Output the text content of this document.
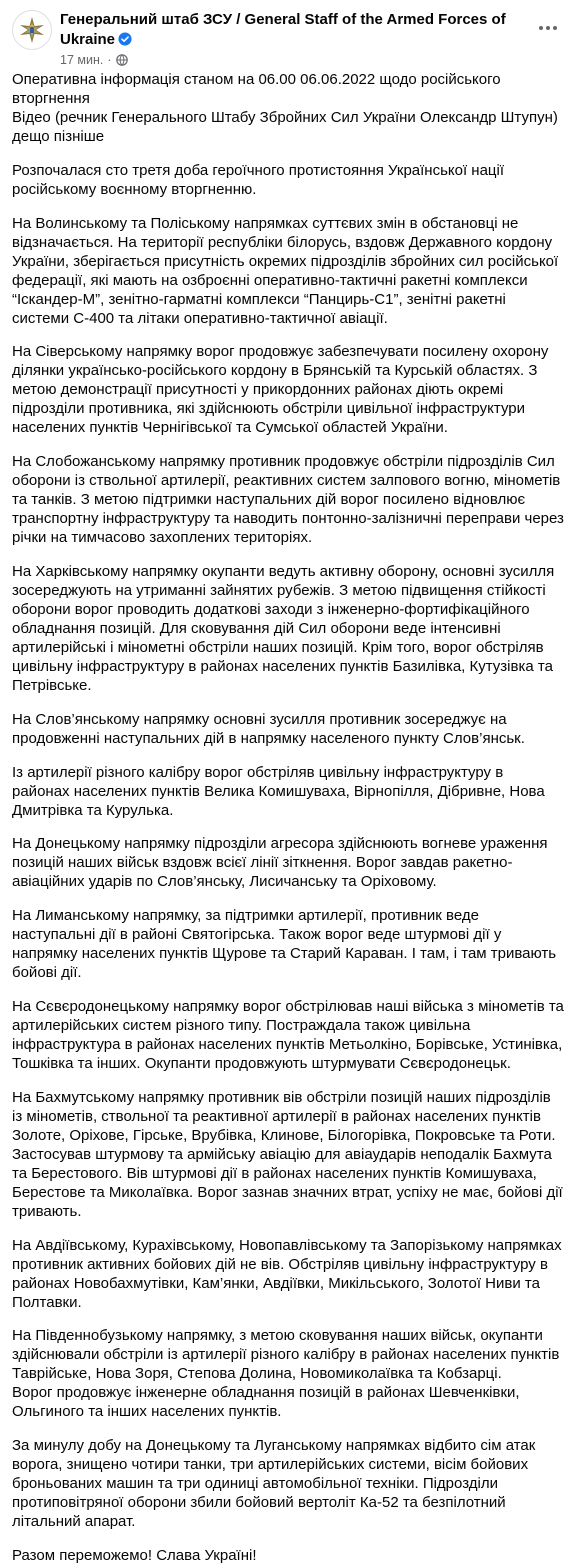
Генеральний штаб ЗСУ / General Staff of the Armed Forces of Ukraine
17 мин. ·

Оперативна інформація станом на 06.00 06.06.2022 щодо російського вторгнення
Відео (речник Генерального Штабу Збройних Сил України Олександр Штупун) дещо пізніше

Розпочалася сто третя доба героїчного протистояння Української нації російському воєнному вторгненню.

На Волинському та Поліському напрямках суттєвих змін в обстановці не відзначається. На території республіки білорусь, вздовж Державного кордону України, зберігається присутність окремих підрозділів збройних сил російської федерації, які мають на озброєнні оперативно-тактичні ракетні комплекси “Іскандер-М”, зенітно-гарматні комплекси “Панцирь-С1”, зенітні ракетні системи С-400 та літаки оперативно-тактичної авіації.

На Сіверському напрямку ворог продовжує забезпечувати посилену охорону ділянки українсько-російського кордону в Брянській та Курській областях. З метою демонстрації присутності у прикордонних районах діють окремі підрозділи противника, які здійснюють обстріли цивільної інфраструктури населених пунктів Чернігівської та Сумської областей України.

На Слобожанському напрямку противник продовжує обстріли підрозділів Сил оборони із ствольної артилерії, реактивних систем залпового вогню, мінометів та танків. З метою підтримки наступальних дій ворог посилено відновлює транспортну інфраструктуру та наводить понтонно-залізничні переправи через річки на тимчасово захоплених територіях.

На Харківському напрямку окупанти ведуть активну оборону, основні зусилля зосереджують на утриманні зайнятих рубежів. З метою підвищення стійкості оборони ворог проводить додаткові заходи з інженерно-фортифікаційного обладнання позицій. Для сковування дій Сил оборони веде інтенсивні артилерійські і мінометні обстріли наших позицій. Крім того, ворог обстріляв цивільну інфраструктуру в районах населених пунктів Базилівка, Кутузівка та Петрівське.

На Слов’янському напрямку основні зусилля противник зосереджує на продовженні наступальних дій в напрямку населеного пункту Слов’янськ.

Із артилерії різного калібру ворог обстріляв цивільну інфраструктуру в районах населених пунктів Велика Комишуваха, Вірнопілля, Дібривне, Нова Дмитрівка та Курулька.

На Донецькому напрямку підрозділи агресора здійснюють вогневе ураження позицій наших військ вздовж всієї лінії зіткнення. Ворог завдав ракетно-авіаційних ударів по Слов’янську, Лисичанську та Оріховому.

На Лиманському напрямку, за підтримки артилерії, противник веде наступальні дії в районі Святогірська. Також ворог веде штурмові дії у напрямку населених пунктів Щурове та Старий Караван. І там, і там тривають бойові дії.

На Сєвєродонецькому напрямку ворог обстрілював наші війська з мінометів та артилерійських систем різного типу. Постраждала також цивільна інфраструктура в районах населених пунктів Метьолкіно, Борівське, Устинівка, Тошківка та інших. Окупанти продовжують штурмувати Сєвєродонецьк.

На Бахмутському напрямку противник вів обстріли позицій наших підрозділів із мінометів, ствольної та реактивної артилерії в районах населених пунктів Золоте, Оріхове, Гірське, Врубівка, Клинове, Білогорівка, Покровське та Роти. Застосував штурмову та армійську авіацію для авіаударів неподалік Бахмута та Берестового. Вів штурмові дії в районах населених пунктів Комишуваха, Берестове та Миколаївка. Ворог зазнав значних втрат, успіху не має, бойові дії тривають.

На Авдіївському, Курахівському, Новопавлівському та Запорізькому напрямках противник активних бойових дій не вів. Обстріляв цивільну інфраструктуру в районах Новобахмутівки, Кам’янки, Авдіївки, Микільського, Золотої Ниви та Полтавки.

На Південнобузькому напрямку, з метою сковування наших військ, окупанти здійснювали обстріли із артилерії різного калібру в районах населених пунктів Таврійське, Нова Зоря, Степова Долина, Новомиколаївка та Кобзарці.
Ворог продовжує інженерне обладнання позицій в районах Шевченківки, Ольгиного та інших населених пунктів.

За минулу добу на Донецькому та Луганському напрямках відбито сім атак ворога, знищено чотири танки, три артилерійських системи, вісім бойових броньованих машин та три одиниці автомобільної техніки. Підрозділи протиповітряної оборони збили бойовий вертоліт Ка-52 та безпілотний літальний апарат.

Разом переможемо! Слава Україні!
